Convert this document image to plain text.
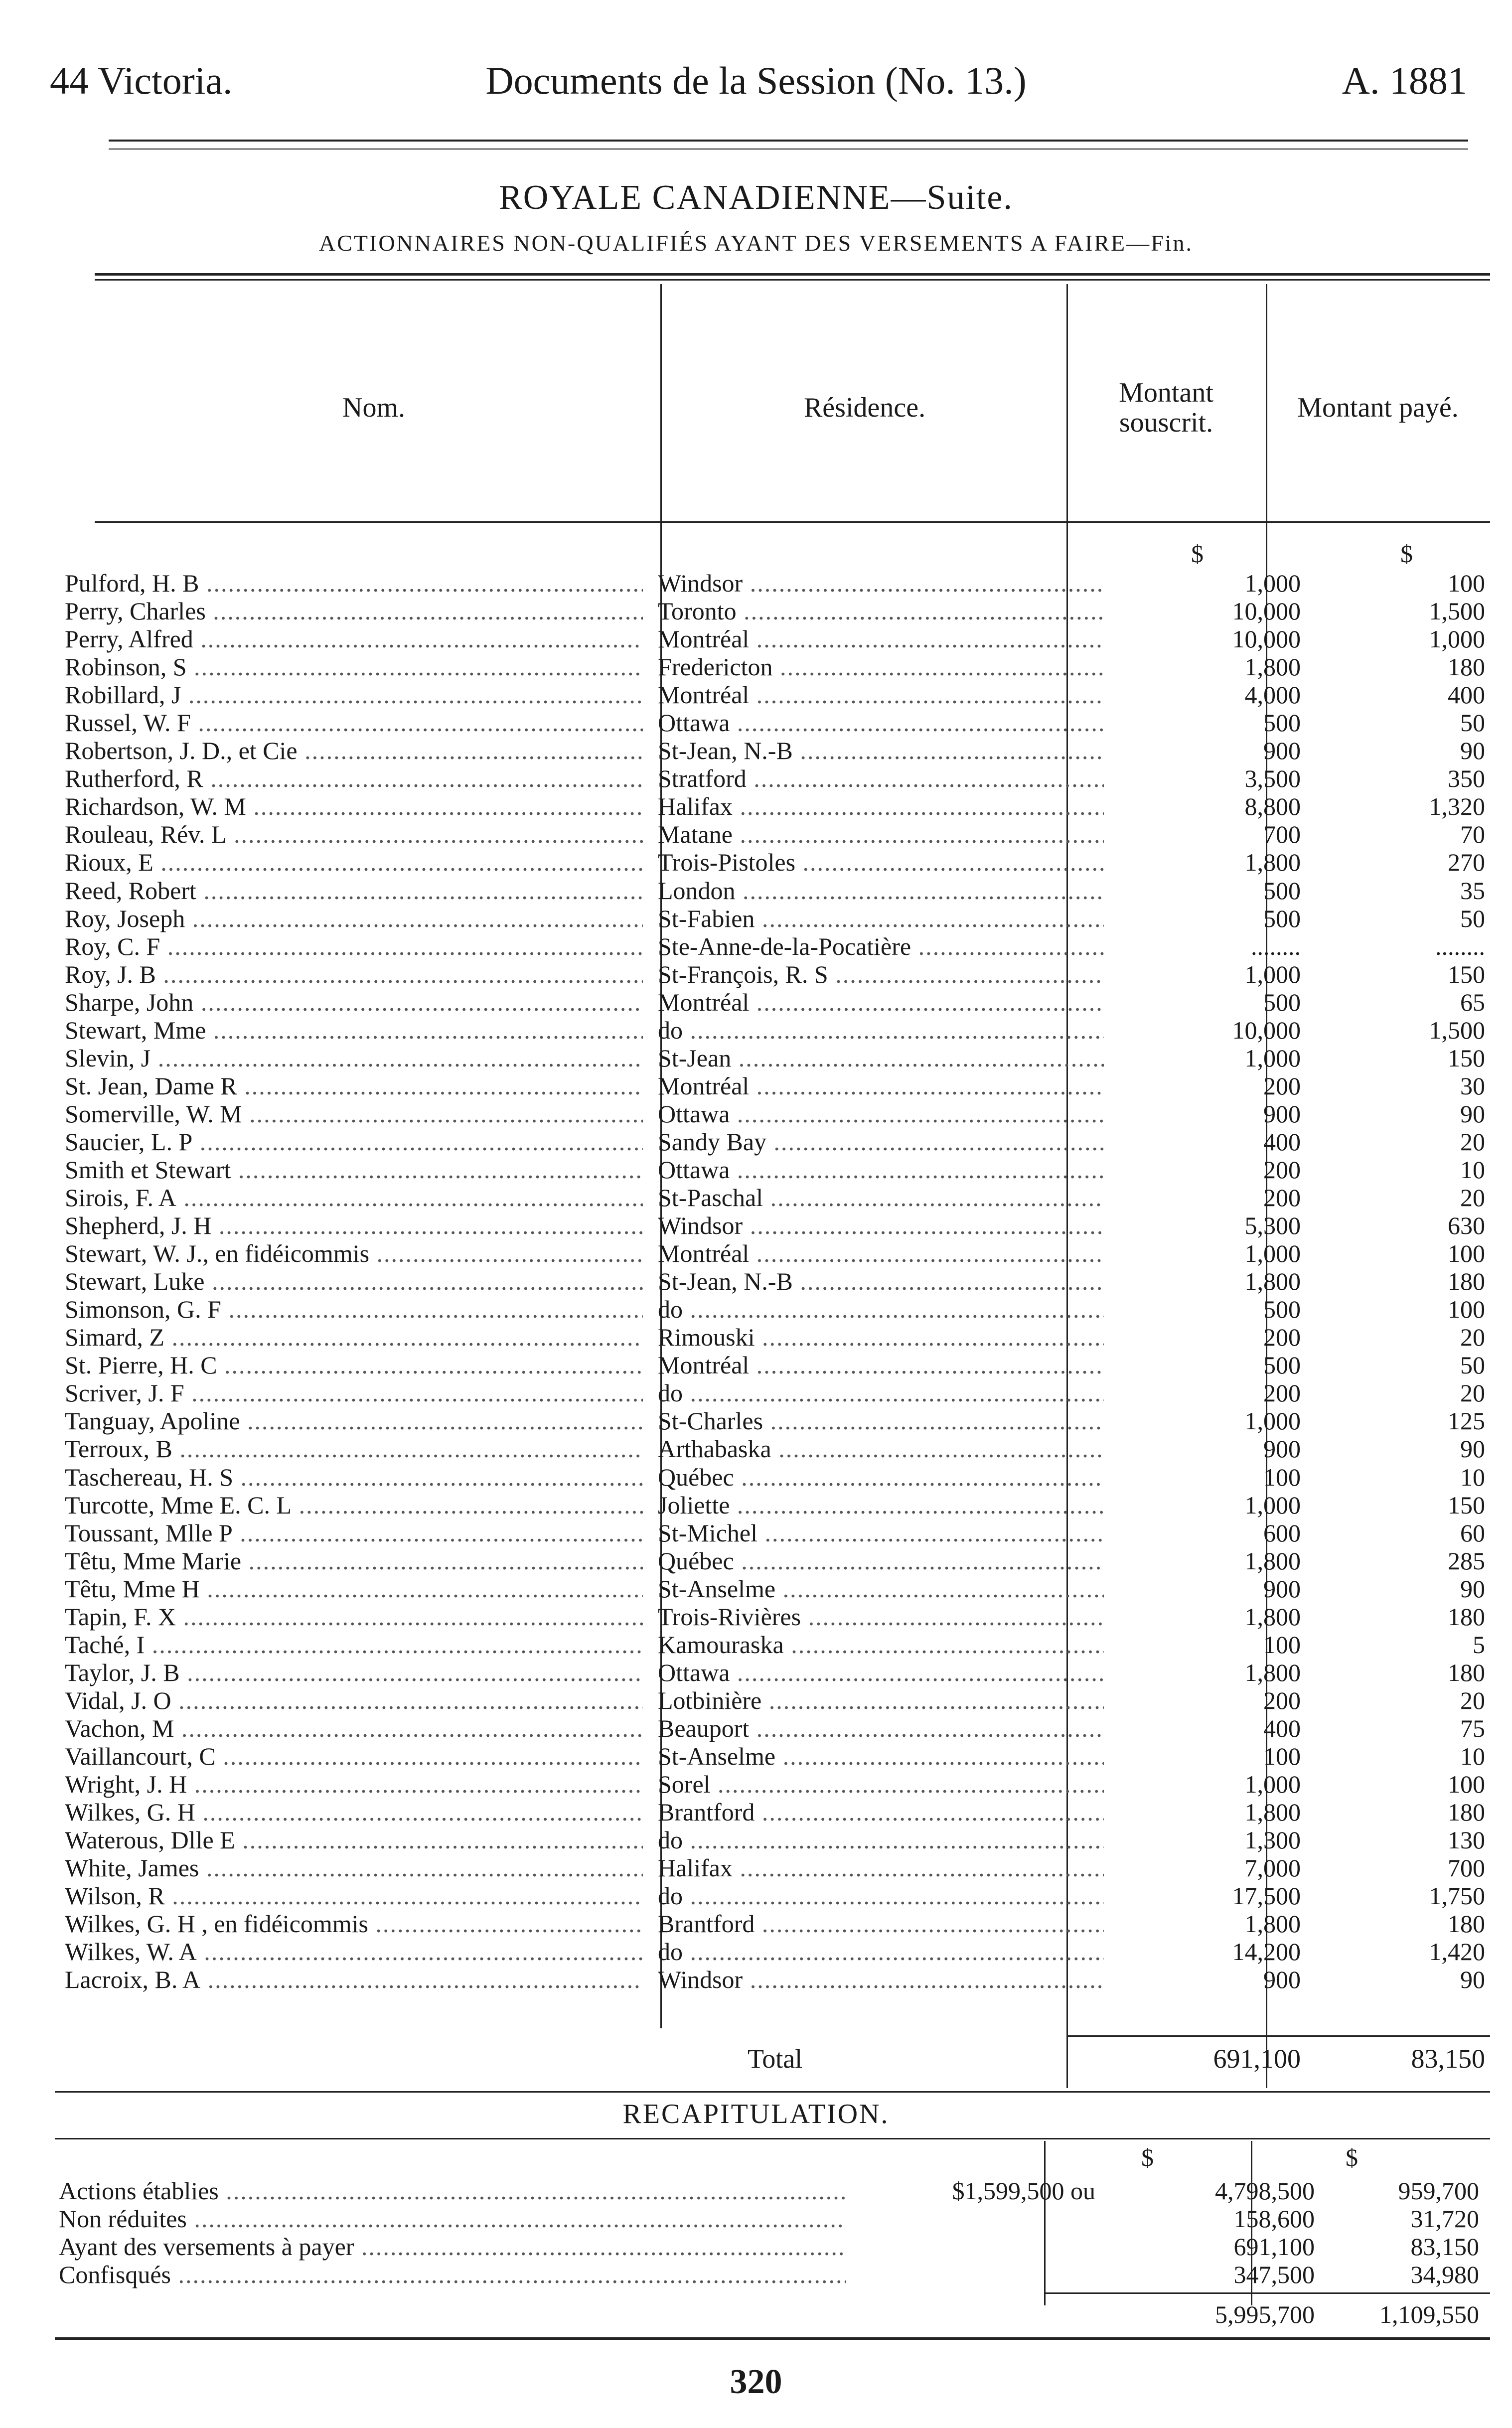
44 Victoria.	Documents de la Session (No. 13.)	A. 1881
ROYALE CANADIENNE—Suite.
ACTIONNAIRES NON-QUALIFIÉS AYANT DES VERSEMENTS A FAIRE—Fin.
Nom.	Résidence.	Montant souscrit.	Montant payé.
$	$
Pulford, H. B .....	Windsor .....	1,000	100
Perry, Charles .....	Toronto .....	10,000	1,500
Perry, Alfred .....	Montréal .....	10,000	1,000
Robinson, S .....	Fredericton .....	1,800	180
Robillard, J .....	Montréal .....	4,000	400
Russel, W. F .....	Ottawa .....	500	50
Robertson, J. D., et Cie .....	St-Jean, N.-B .....	900	90
Rutherford, R .....	Stratford .....	3,500	350
Richardson, W. M .....	Halifax .....	8,800	1,320
Rouleau, Rév. L .....	Matane .....	700	70
Rioux, E .....	Trois-Pistoles .....	1,800	270
Reed, Robert .....	London .....	500	35
Roy, Joseph .....	St-Fabien .....	500	50
Roy, C. F .....	Ste-Anne-de-la-Pocatière .....	........	........
Roy, J. B .....	St-François, R. S .....	1,000	150
Sharpe, John .....	Montréal .....	500	65
Stewart, Mme .....	do .....	10,000	1,500
Slevin, J .....	St-Jean .....	1,000	150
St. Jean, Dame R .....	Montréal .....	200	30
Somerville, W. M .....	Ottawa .....	900	90
Saucier, L. P .....	Sandy Bay .....	400	20
Smith et Stewart .....	Ottawa .....	200	10
Sirois, F. A .....	St-Paschal .....	200	20
Shepherd, J. H .....	Windsor .....	5,300	630
Stewart, W. J., en fidéicommis .....	Montréal .....	1,000	100
Stewart, Luke .....	St-Jean, N.-B .....	1,800	180
Simonson, G. F .....	do .....	500	100
Simard, Z .....	Rimouski .....	200	20
St. Pierre, H. C .....	Montréal .....	500	50
Scriver, J. F .....	do .....	200	20
Tanguay, Apoline .....	St-Charles .....	1,000	125
Terroux, B .....	Arthabaska .....	900	90
Taschereau, H. S .....	Québec .....	100	10
Turcotte, Mme E. C. L .....	Joliette .....	1,000	150
Toussant, Mlle P .....	St-Michel .....	600	60
Têtu, Mme Marie .....	Québec .....	1,800	285
Têtu, Mme H .....	St-Anselme .....	900	90
Tapin, F. X .....	Trois-Rivières .....	1,800	180
Taché, I .....	Kamouraska .....	100	5
Taylor, J. B .....	Ottawa .....	1,800	180
Vidal, J. O .....	Lotbinière .....	200	20
Vachon, M .....	Beauport .....	400	75
Vaillancourt, C .....	St-Anselme .....	100	10
Wright, J. H .....	Sorel .....	1,000	100
Wilkes, G. H .....	Brantford .....	1,800	180
Waterous, Dlle E .....	do .....	1,300	130
White, James .....	Halifax .....	7,000	700
Wilson, R .....	do .....	17,500	1,750
Wilkes, G. H , en fidéicommis .....	Brantford .....	1,800	180
Wilkes, W. A .....	do .....	14,200	1,420
Lacroix, B. A .....	Windsor .....	900	90
Total	691,100	83,150
RECAPITULATION.
$	$
Actions établies .....	$1,599,500 ou	4,798,500	959,700
Non réduites .....	158,600	31,720
Ayant des versements à payer .....	691,100	83,150
Confisqués .....	347,500	34,980
5,995,700	1,109,550
320
